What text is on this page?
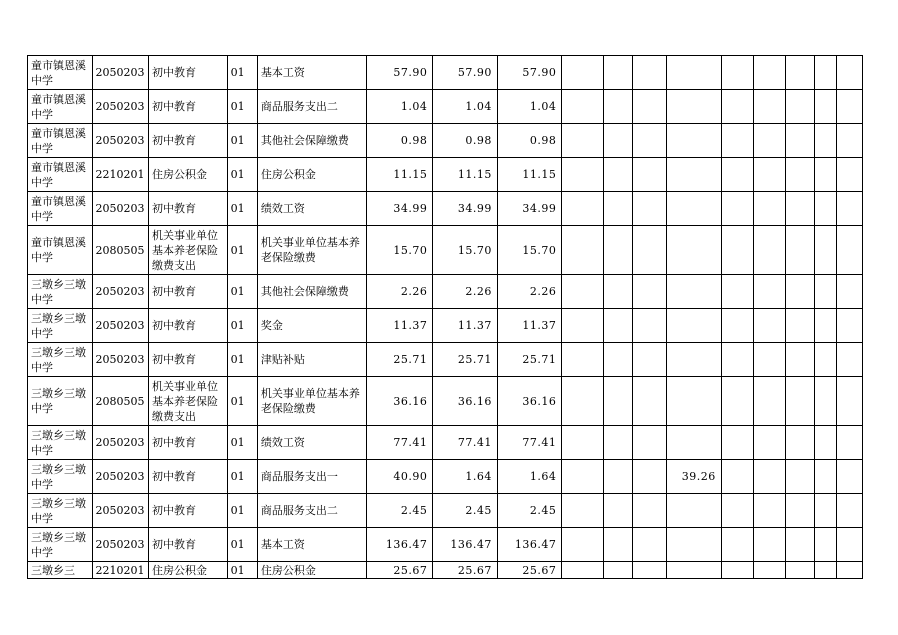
童市镇恩溪中学	2050203	初中教育	01	基本工资	57.90	57.90	57.90									
童市镇恩溪中学	2050203	初中教育	01	商品服务支出二	1.04	1.04	1.04									
童市镇恩溪中学	2050203	初中教育	01	其他社会保障缴费	0.98	0.98	0.98									
童市镇恩溪中学	2210201	住房公积金	01	住房公积金	11.15	11.15	11.15									
童市镇恩溪中学	2050203	初中教育	01	绩效工资	34.99	34.99	34.99									
童市镇恩溪中学	2080505	机关事业单位基本养老保险缴费支出	01	机关事业单位基本养老保险缴费	15.70	15.70	15.70									
三墩乡三墩中学	2050203	初中教育	01	其他社会保障缴费	2.26	2.26	2.26									
三墩乡三墩中学	2050203	初中教育	01	奖金	11.37	11.37	11.37									
三墩乡三墩中学	2050203	初中教育	01	津贴补贴	25.71	25.71	25.71									
三墩乡三墩中学	2080505	机关事业单位基本养老保险缴费支出	01	机关事业单位基本养老保险缴费	36.16	36.16	36.16									
三墩乡三墩中学	2050203	初中教育	01	绩效工资	77.41	77.41	77.41									
三墩乡三墩中学	2050203	初中教育	01	商品服务支出一	40.90	1.64	1.64				39.26					
三墩乡三墩中学	2050203	初中教育	01	商品服务支出二	2.45	2.45	2.45									
三墩乡三墩中学	2050203	初中教育	01	基本工资	136.47	136.47	136.47									
三墩乡三	2210201	住房公积金	01	住房公积金	25.67	25.67	25.67									
